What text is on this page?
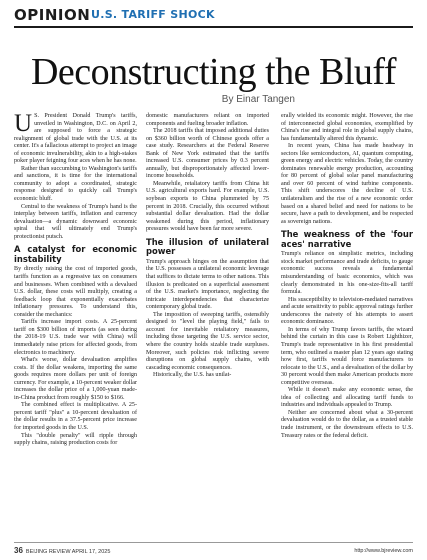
OPINION U.S. TARIFF SHOCK
Deconstructing the Bluff
By Einar Tangen

U S. President Donald Trump's tariffs, unveiled in Washington, D.C. on April 2, are supposed to force a strategic realignment of global trade with the U.S. at its center. It's a fallacious attempt to project an image of economic invulnerability, akin to a high-stakes poker player feigning four aces when he has none.

Rather than succumbing to Washington's tariffs and sanctions, it is time for the international community to adopt a coordinated, strategic response designed to quickly call Trump's economic bluff.

Central to the weakness of Trump's hand is the interplay between tariffs, inflation and currency devaluation—a dynamic downward economic spiral that will ultimately end Trump's protectionist putsch.

A catalyst for economic instability

By directly raising the cost of imported goods, tariffs function as a regressive tax on consumers and businesses. When combined with a devalued U.S. dollar, these costs will multiply, creating a feedback loop that exponentially exacerbates inflationary pressures. To understand this, consider the mechanics:

Tariffs increase import costs. A 25-percent tariff on $300 billion of imports (as seen during the 2018-19 U.S. trade war with China) will immediately raise prices for affected goods, from electronics to machinery.

What's worse, dollar devaluation amplifies costs. If the dollar weakens, importing the same goods requires more dollars per unit of foreign currency. For example, a 10-percent weaker dollar increases the dollar price of a 1,000-yuan made-in-China product from roughly $150 to $166.

The combined effect is multiplicative. A 25-percent tariff "plus" a 10-percent devaluation of the dollar results in a 37.5-percent price increase for imported goods in the U.S.

This "double penalty" will ripple through supply chains, raising production costs for

domestic manufacturers reliant on imported components and fueling broader inflation.

The 2018 tariffs that imposed additional duties on $360 billion worth of Chinese goods offer a case study. Researchers at the Federal Reserve Bank of New York estimated that the tariffs increased U.S. consumer prices by 0.3 percent annually, but disproportionately affected lower-income households.

Meanwhile, retaliatory tariffs from China hit U.S. agricultural exports hard. For example, U.S. soybean exports to China plummeted by 75 percent in 2018. Crucially, this occurred without substantial dollar devaluation. Had the dollar weakened during this period, inflationary pressures would have been far more severe.

The illusion of unilateral power

Trump's approach hinges on the assumption that the U.S. possesses a unilateral economic leverage that suffices to dictate terms to other nations. This illusion is predicated on a superficial assessment of the U.S. market's importance, neglecting the intricate interdependencies that characterize contemporary global trade.

The imposition of sweeping tariffs, ostensibly designed to "level the playing field," fails to account for inevitable retaliatory measures, including those targeting the U.S. service sector, where the country holds sizable trade surpluses. Moreover, such policies risk inflicting severe disruptions on global supply chains, with cascading economic consequences.

Historically, the U.S. has unilat-

erally wielded its economic might. However, the rise of interconnected global economies, exemplified by China's rise and integral role in global supply chains, has fundamentally altered this dynamic.

In recent years, China has made headway in sectors like semiconductors, AI, quantum computing, green energy and electric vehicles. Today, the country dominates renewable energy production, accounting for 80 percent of global solar panel manufacturing and over 60 percent of wind turbine components. This shift underscores the decline of U.S. unilateralism and the rise of a new economic order based on a shared belief and need for nations to be secure, have a path to development, and be respected as sovereign nations.

The weakness of the 'four aces' narrative

Trump's reliance on simplistic metrics, including stock market performance and trade deficits, to gauge economic success reveals a fundamental misunderstanding of basic economics, which was clearly demonstrated in his one-size-fits-all tariff formula.

His susceptibility to television-mediated narratives and acute sensitivity to public approval ratings further underscores the naivety of his attempts to assert economic dominance.

In terms of why Trump favors tariffs, the wizard behind the curtain in this case is Robert Lighthizer, Trump's trade representative in his first presidential term, who outlined a master plan 12 years ago stating how first, tariffs would force manufacturers to relocate to the U.S., and a devaluation of the dollar by 30 percent would then make American products more competitive overseas.

While it doesn't make any economic sense, the idea of collecting and allocating tariff funds to industries and individuals appealed to Trump.

Neither are concerned about what a 30-percent devaluation would do to the dollar, as a trusted stable trade instrument, or the downstream effects to U.S. Treasury rates or the federal deficit.

36 BEIJING REVIEW APRIL 17, 2025	http://www.bjreview.com
